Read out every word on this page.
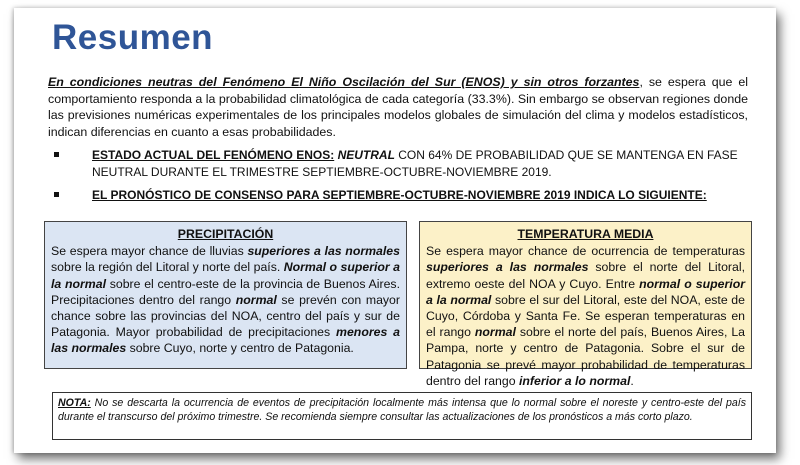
Resumen
En condiciones neutras del Fenómeno El Niño Oscilación del Sur (ENOS) y sin otros forzantes, se espera que el comportamiento responda a la probabilidad climatológica de cada categoría (33.3%). Sin embargo se observan regiones donde las previsiones numéricas experimentales de los principales modelos globales de simulación del clima y modelos estadísticos, indican diferencias en cuanto a esas probabilidades.
ESTADO ACTUAL DEL FENÓMENO ENOS: NEUTRAL CON 64% DE PROBABILIDAD QUE SE MANTENGA EN FASE NEUTRAL DURANTE EL TRIMESTRE SEPTIEMBRE-OCTUBRE-NOVIEMBRE 2019.
EL PRONÓSTICO DE CONSENSO PARA SEPTIEMBRE-OCTUBRE-NOVIEMBRE 2019 INDICA LO SIGUIENTE:
PRECIPITACIÓN
Se espera mayor chance de lluvias superiores a las normales sobre la región del Litoral y norte del país. Normal o superior a la normal sobre el centro-este de la provincia de Buenos Aires. Precipitaciones dentro del rango normal se prevén con mayor chance sobre las provincias del NOA, centro del país y sur de Patagonia. Mayor probabilidad de precipitaciones menores a las normales sobre Cuyo, norte y centro de Patagonia.
TEMPERATURA MEDIA
Se espera mayor chance de ocurrencia de temperaturas superiores a las normales sobre el norte del Litoral, extremo oeste del NOA y Cuyo. Entre normal o superior a la normal sobre el sur del Litoral, este del NOA, este de Cuyo, Córdoba y Santa Fe. Se esperan temperaturas en el rango normal sobre el norte del país, Buenos Aires, La Pampa, norte y centro de Patagonia. Sobre el sur de Patagonia se prevé mayor probabilidad de temperaturas dentro del rango inferior a lo normal.
NOTA: No se descarta la ocurrencia de eventos de precipitación localmente más intensa que lo normal sobre el noreste y centro-este del país durante el transcurso del próximo trimestre. Se recomienda siempre consultar las actualizaciones de los pronósticos a más corto plazo.
